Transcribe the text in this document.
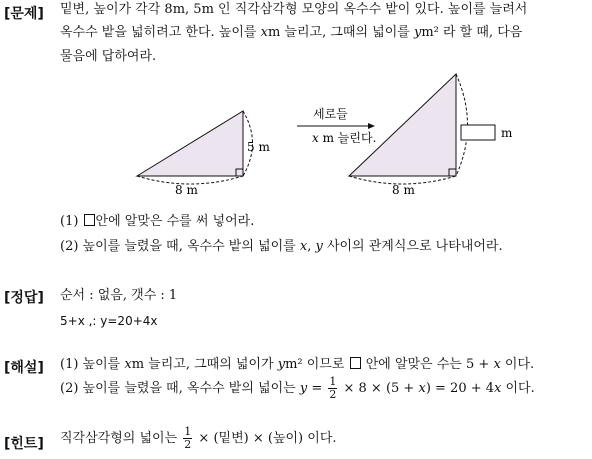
[문제] 밑변, 높이가 각각 8m, 5m 인 직각삼각형 모양의 옥수수 밭이 있다. 높이를 늘려서
옥수수 밭을 넓히려고 한다. 높이를 xm 늘리고, 그때의 넓이를 ym² 라 할 때, 다음
물음에 답하여라.
5 m
8 m
세로들
x m 늘린다.	m
8 m
(1) 안에 알맞은 수를 써 넣어라.
(2) 높이를 늘렸을 때, 옥수수 밭의 넓이를 x, y 사이의 관계식으로 나타내어라.
[정답] 순서 : 없음, 갯수 : 1
5+x ,: y=20+4x
[해설] (1) 높이를 xm 늘리고, 그때의 넓이가 ym² 이므로  안에 알맞은 수는 5 + x 이다.
(2) 높이를 늘렸을 때, 옥수수 밭의 넓이는 $y = \frac{1}{2} \times 8 \times (5 + x) = 20 + 4x$ 이다.
[힌트] 직각삼각형의 넓이는 $\frac{1}{2}$ × (밑변) × (높이) 이다.
